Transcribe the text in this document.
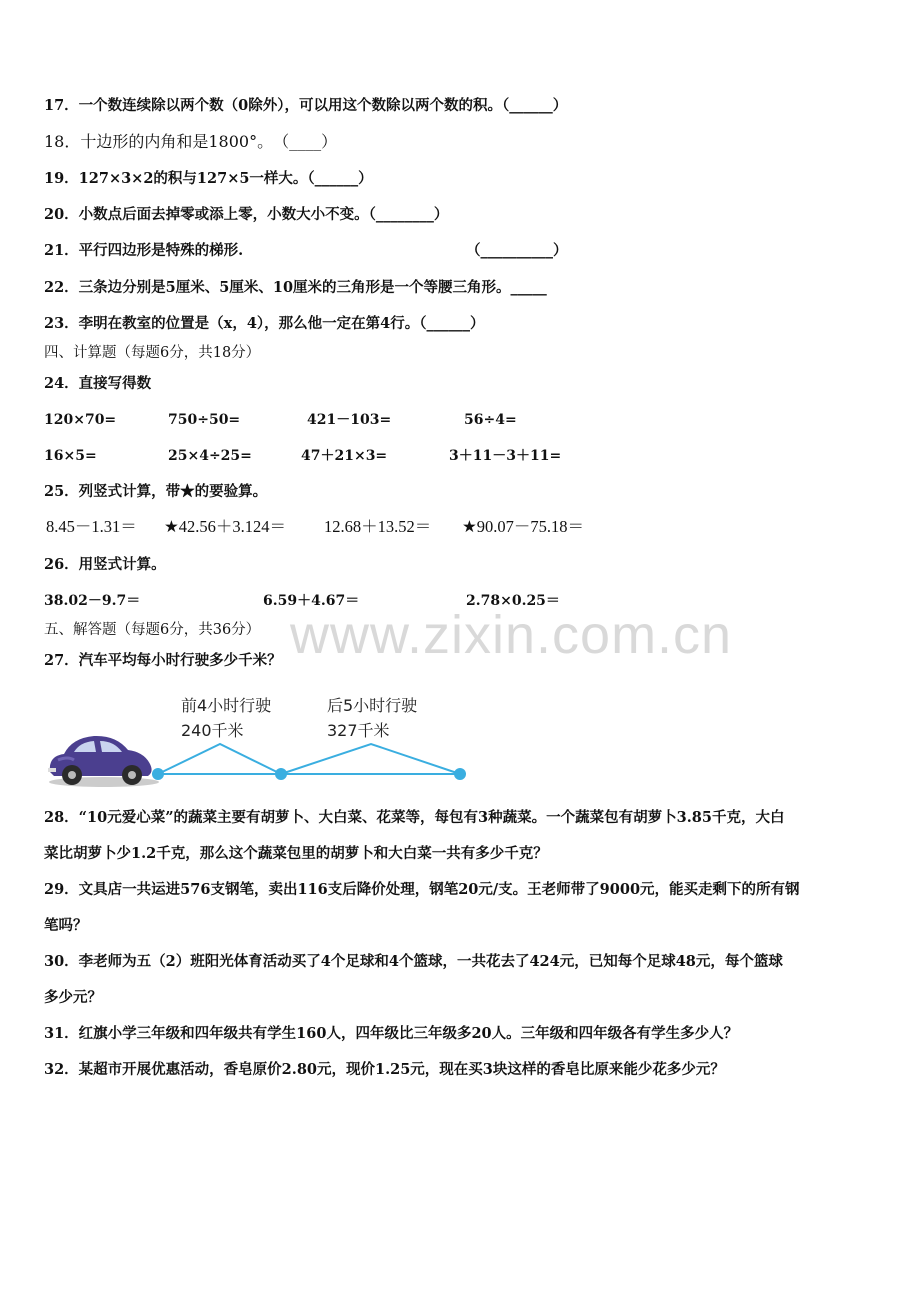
17．一个数连续除以两个数（0除外），可以用这个数除以两个数的积。（______）
18．十边形的内角和是1800°。　（____）
19．127×3×2的积与127×5一样大。（______）
20．小数点后面去掉零或添上零，小数大小不变。（________）
21．平行四边形是特殊的梯形.	（__________）
22．三条边分别是5厘米、5厘米、10厘米的三角形是一个等腰三角形。_____
23．李明在教室的位置是（x，4），那么他一定在第4行。（______）
四、计算题（每题6分，共18分）
24．直接写得数
120×70=	750÷50=	421－103=	56÷4=
16×5=	25×4÷25=	47＋21×3=	3＋11－3＋11=
25．列竖式计算，带★的要验算。
8.45－1.31＝ ★42.56＋3.124＝ 12.68＋13.52＝ ★90.07－75.18＝
26．用竖式计算。
38.02－9.7＝	6.59＋4.67＝	2.78×0.25＝
www.zixin.com.cn
五、解答题（每题6分，共36分）
27．汽车平均每小时行驶多少千米？
前4小时行驶
240千米
后5小时行驶
327千米
28．“10元爱心菜”的蔬菜主要有胡萝卜、大白菜、花菜等，每包有3种蔬菜。一个蔬菜包有胡萝卜3.85千克，大白
菜比胡萝卜少1.2千克，那么这个蔬菜包里的胡萝卜和大白菜一共有多少千克？
29．文具店一共运进576支钢笔，卖出116支后降价处理，钢笔20元/支。王老师带了9000元，能买走剩下的所有钢
笔吗？
30．李老师为五（2）班阳光体育活动买了4个足球和4个篮球，一共花去了424元，已知每个足球48元，每个篮球
多少元？
31．红旗小学三年级和四年级共有学生160人，四年级比三年级多20人。三年级和四年级各有学生多少人？
32．某超市开展优惠活动，香皂原价2.80元，现价1.25元，现在买3块这样的香皂比原来能少花多少元？
